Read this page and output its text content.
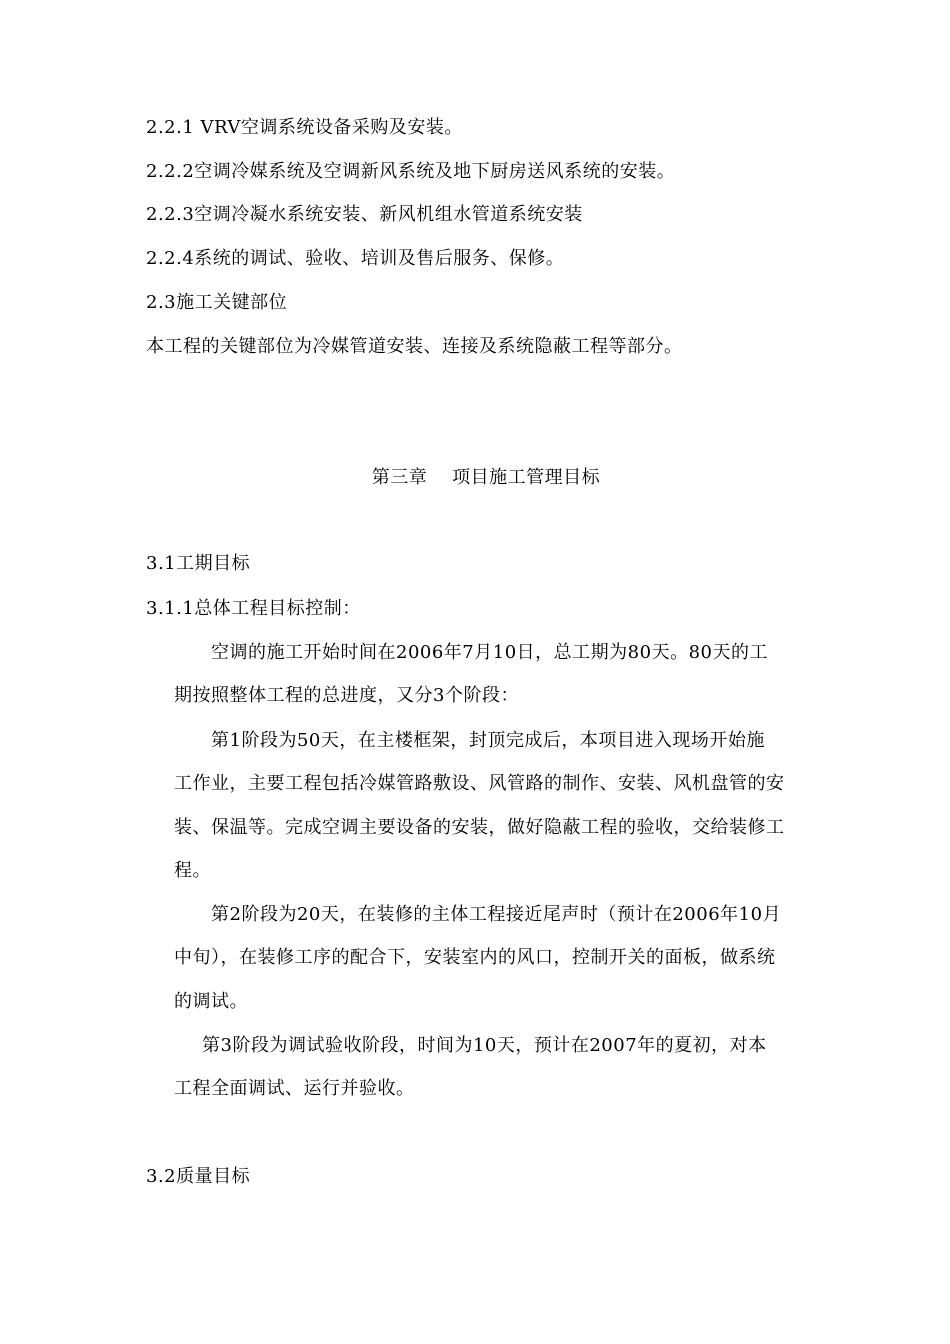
2.2.1 VRV空调系统设备采购及安装。
2.2.2空调冷媒系统及空调新风系统及地下厨房送风系统的安装。
2.2.3空调冷凝水系统安装、新风机组水管道系统安装
2.2.4系统的调试、验收、培训及售后服务、保修。
2.3施工关键部位
本工程的关键部位为冷媒管道安装、连接及系统隐蔽工程等部分。
第三章    项目施工管理目标
3.1工期目标
3.1.1总体工程目标控制：
空调的施工开始时间在2006年7月10日，总工期为80天。80天的工
期按照整体工程的总进度，又分3个阶段：
第1阶段为50天，在主楼框架，封顶完成后，本项目进入现场开始施
工作业，主要工程包括冷媒管路敷设、风管路的制作、安装、风机盘管的安
装、保温等。完成空调主要设备的安装，做好隐蔽工程的验收，交给装修工
程。
第2阶段为20天，在装修的主体工程接近尾声时（预计在2006年10月
中旬），在装修工序的配合下，安装室内的风口，控制开关的面板，做系统
的调试。
第3阶段为调试验收阶段，时间为10天，预计在2007年的夏初，对本
工程全面调试、运行并验收。
3.2质量目标
